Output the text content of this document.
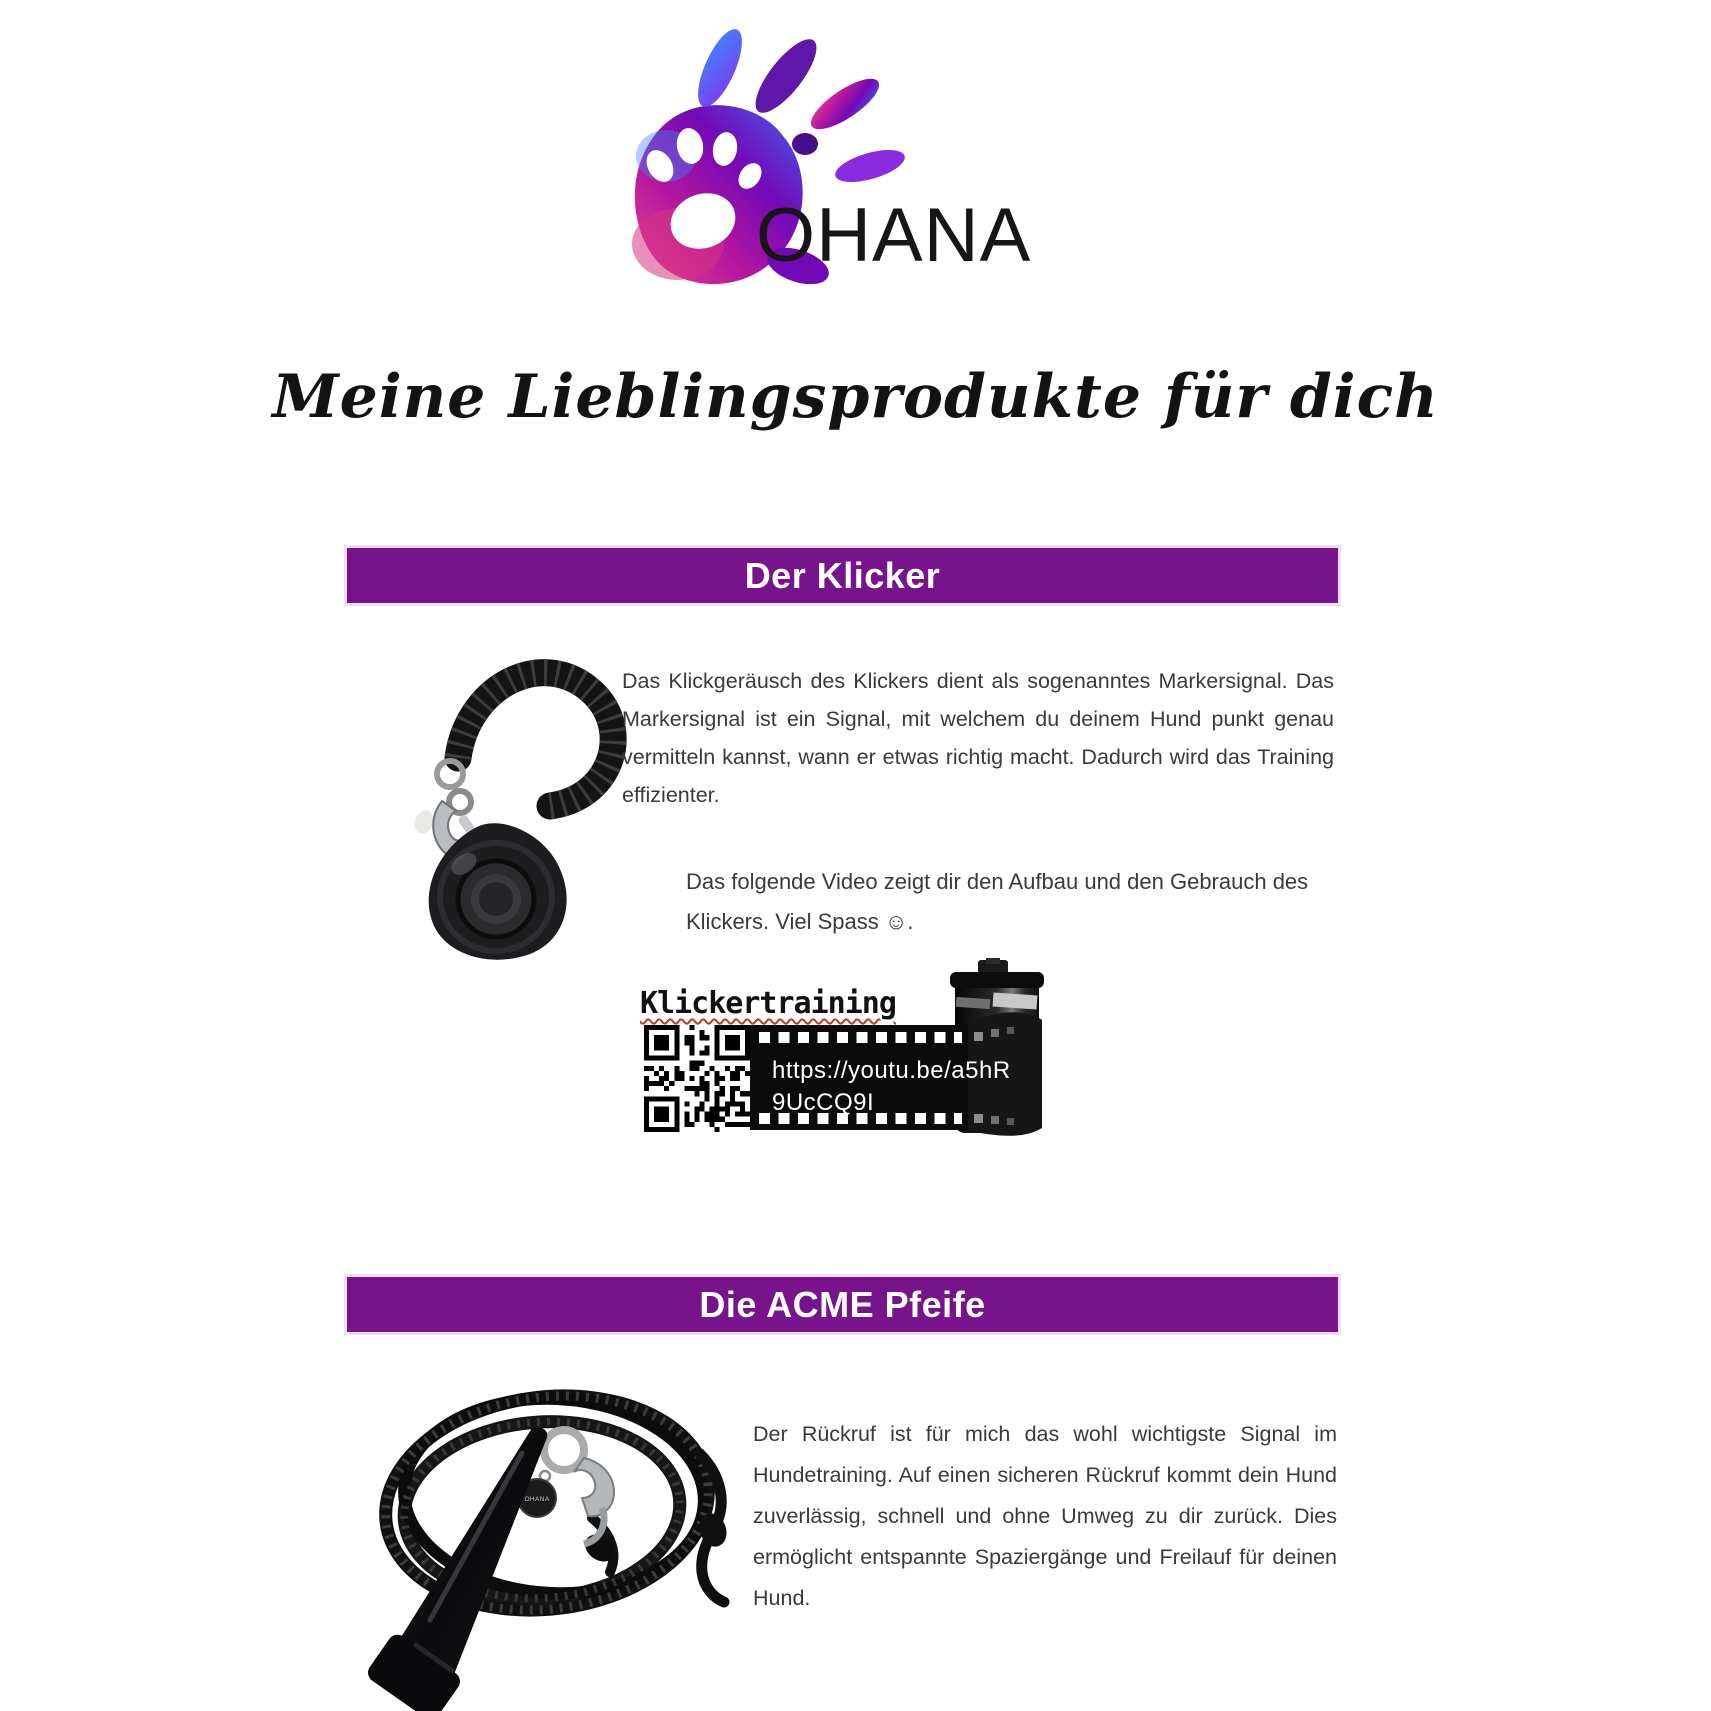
OHANA
Meine Lieblingsprodukte für dich
Der Klicker

Das Klickgeräusch des Klickers dient als sogenanntes Markersignal. Das Markersignal ist ein Signal, mit welchem du deinem Hund punkt genau vermitteln kannst, wann er etwas richtig macht. Dadurch wird das Training effizienter.

Das folgende Video zeigt dir den Aufbau und den Gebrauch des Klickers. Viel Spass ☺.

Klickertraining
https://youtu.be/a5hR
9UcCQ9I
Die ACME Pfeife
OHANA

Der Rückruf ist für mich das wohl wichtigste Signal im Hundetraining. Auf einen sicheren Rückruf kommt dein Hund zuverlässig, schnell und ohne Umweg zu dir zurück. Dies ermöglicht entspannte Spaziergänge und Freilauf für deinen Hund.
